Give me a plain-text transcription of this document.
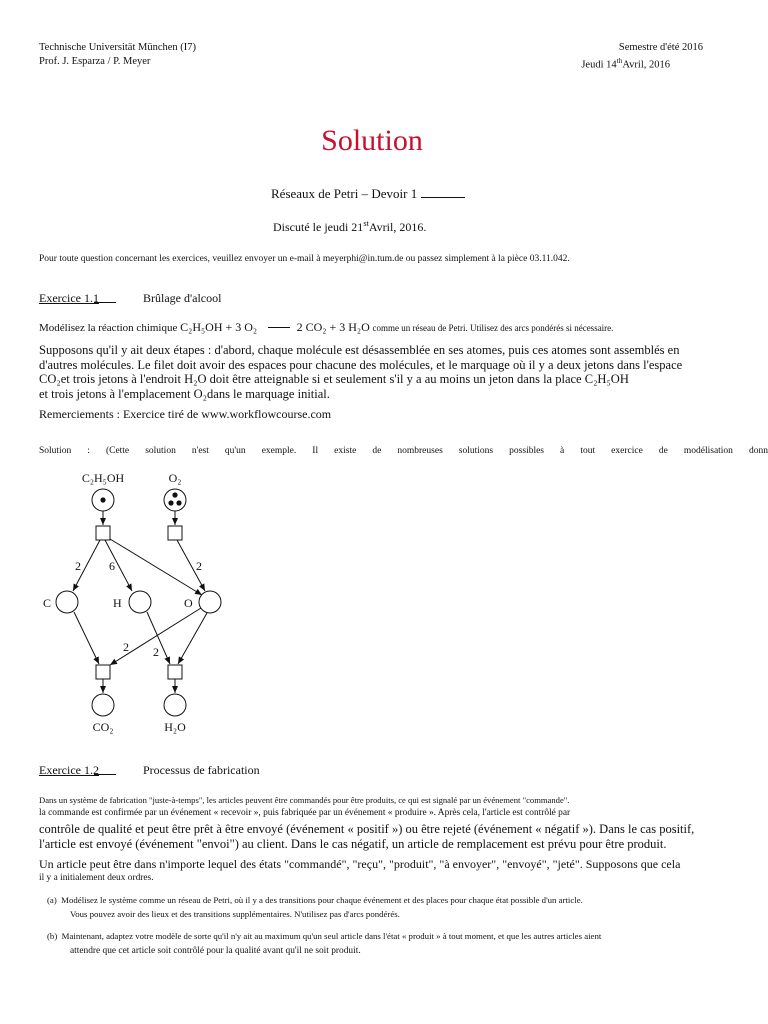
Technische Universität München (I7)
Prof. J. Esparza / P. Meyer
Semestre d'été 2016
Jeudi 14thAvril, 2016
Solution
Réseaux de Petri – Devoir 1
Discuté le jeudi 21stAvril, 2016.
Pour toute question concernant les exercices, veuillez envoyer un e-mail à meyerphi@in.tum.de ou passez simplement à la pièce 03.11.042.
Exercice 1.1	Brûlage d'alcool
Modélisez la réaction chimique C₂H₅OH + 3 O₂	2 CO₂ + 3 H₂O comme un réseau de Petri. Utilisez des arcs pondérés si nécessaire.
Supposons qu'il y ait deux étapes : d'abord, chaque molécule est désassemblée en ses atomes, puis ces atomes sont assemblés en
d'autres molécules. Le filet doit avoir des espaces pour chacune des molécules, et le marquage où il y a deux jetons dans l'espace
CO₂et trois jetons à l'endroit H₂O doit être atteignable si et seulement s'il y a au moins un jeton dans la place C₂H₅OH
et trois jetons à l'emplacement O₂dans le marquage initial.
Remerciements : Exercice tiré de www.workflowcourse.com
Solution : (Cette solution n'est qu'un exemple. Il existe de nombreuses solutions possibles à tout exercice de modélisation donn
C₂H₅OH	O₂
C	H	O
CO₂	H₂O
2 6	2
2 2
Exercice 1.2	Processus de fabrication
Dans un système de fabrication "juste-à-temps", les articles peuvent être commandés pour être produits, ce qui est signalé par un événement "commande".
la commande est confirmée par un événement « recevoir », puis fabriquée par un événement « produire ». Après cela, l'article est contrôlé par
contrôle de qualité et peut être prêt à être envoyé (événement « positif ») ou être rejeté (événement « négatif »). Dans le cas positif,
l'article est envoyé (événement "envoi") au client. Dans le cas négatif, un article de remplacement est prévu pour être produit.
Un article peut être dans n'importe lequel des états "commandé", "reçu", "produit", "à envoyer", "envoyé", "jeté". Supposons que cela
il y a initialement deux ordres.
(a) Modélisez le système comme un réseau de Petri, où il y a des transitions pour chaque événement et des places pour chaque état possible d'un article.
Vous pouvez avoir des lieux et des transitions supplémentaires. N'utilisez pas d'arcs pondérés.
(b) Maintenant, adaptez votre modèle de sorte qu'il n'y ait au maximum qu'un seul article dans l'état « produit » à tout moment, et que les autres articles aient
attendre que cet article soit contrôlé pour la qualité avant qu'il ne soit produit.
